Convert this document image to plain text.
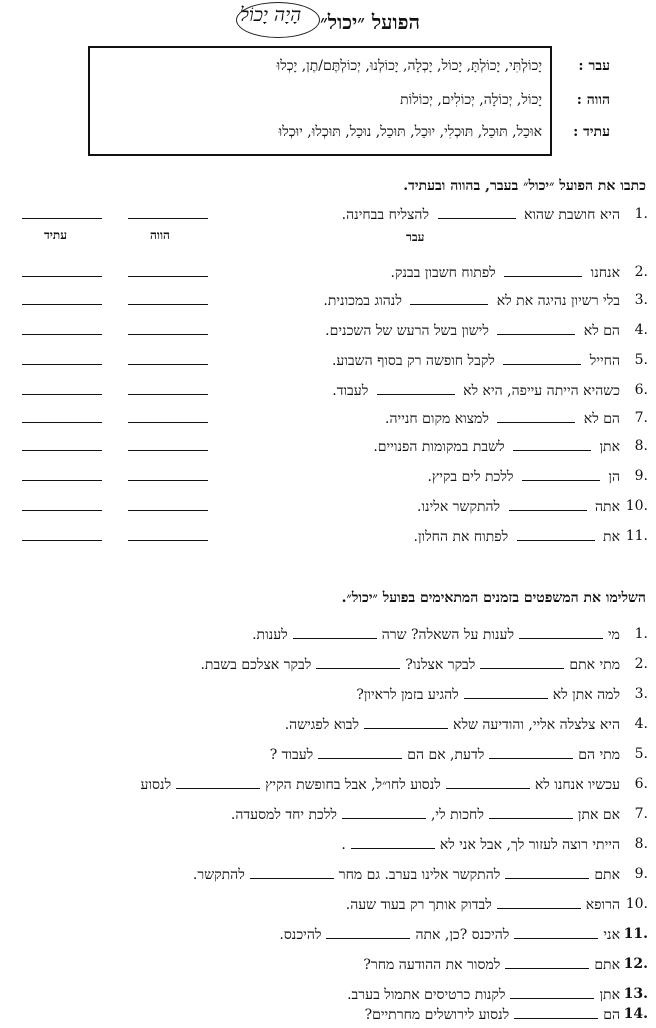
הָיָה יָכוֹל הפועל ״יכול״
יָכוֹלְתִּי, יָכוֹלְתָּ, יָכוֹל, יָכְלָה, יָכוֹלְנוּ, יְכוֹלְתֶּם/תֶן, יָכְלוּ
יָכוֹל, יְכוֹלָה, יְכוֹלִים, יְכוֹלוֹת
אוּכַל, תּוּכַל, תּוּכְלִי, יוּכַל, תּוּכַל, נוּכַל, תּוּכְלוּ, יוּכְלוּ
עבר :
הווה :
עתיד :
כתבו את הפועל ״יכול״ בעבר, בהווה ובעתיד.
1.
היא חושבת שהוא  להצליח בבחינה.
2.
אנחנו  לפתוח חשבון בבנק.
3.
בלי רשיון נהיגה את לא  לנהוג במכונית.
4.
הם לא  לישון בשל הרעש של השכנים.
5.
החייל  לקבל חופשה רק בסוף השבוע.
6.
כשהיא הייתה עייפה, היא לא  לעבוד.
7.
הם לא  למצוא מקום חנייה.
8.
אתן  לשבת במקומות הפנויים.
9.
הן  ללכת לים בקיץ.
10.
אתה  להתקשר אלינו.
11.
את  לפתוח את החלון.
הווה
עתיד	עבר
השלימו את המשפטים בזמנים המתאימים בפועל ״יכול״.
1.
מילענות על השאלה? שרהלענות.
2.
מתי אתםלבקר אצלנו?לבקר אצלכם בשבת.
3.
למה אתן לאלהגיע בזמן לראיון?
4.
היא צלצלה אליי, והודיעה שלאלבוא לפגישה.
5.
מתי הםלדעת, אם הםלעבוד ?
6.
עכשיו אנחנו לאלנסוע לחו״ל, אבל בחופשת הקיץלנסוע
7.
אם אתןלחכות לי,ללכת יחד למסעדה.
8.
הייתי רוצה לעזור לך, אבל אני לא.
9.
אתםלהתקשר אלינו בערב. גם מחרלהתקשר.
10.
הרופאלבדוק אותך רק בעוד שעה.
11.
אנילהיכנס ?כן, אתהלהיכנס.
12.
אתםלמסור את ההודעה מחר?
13.
אתןלקנות כרטיסים אתמול בערב.
14.
הםלנסוע לירושלים מחרתיים?
